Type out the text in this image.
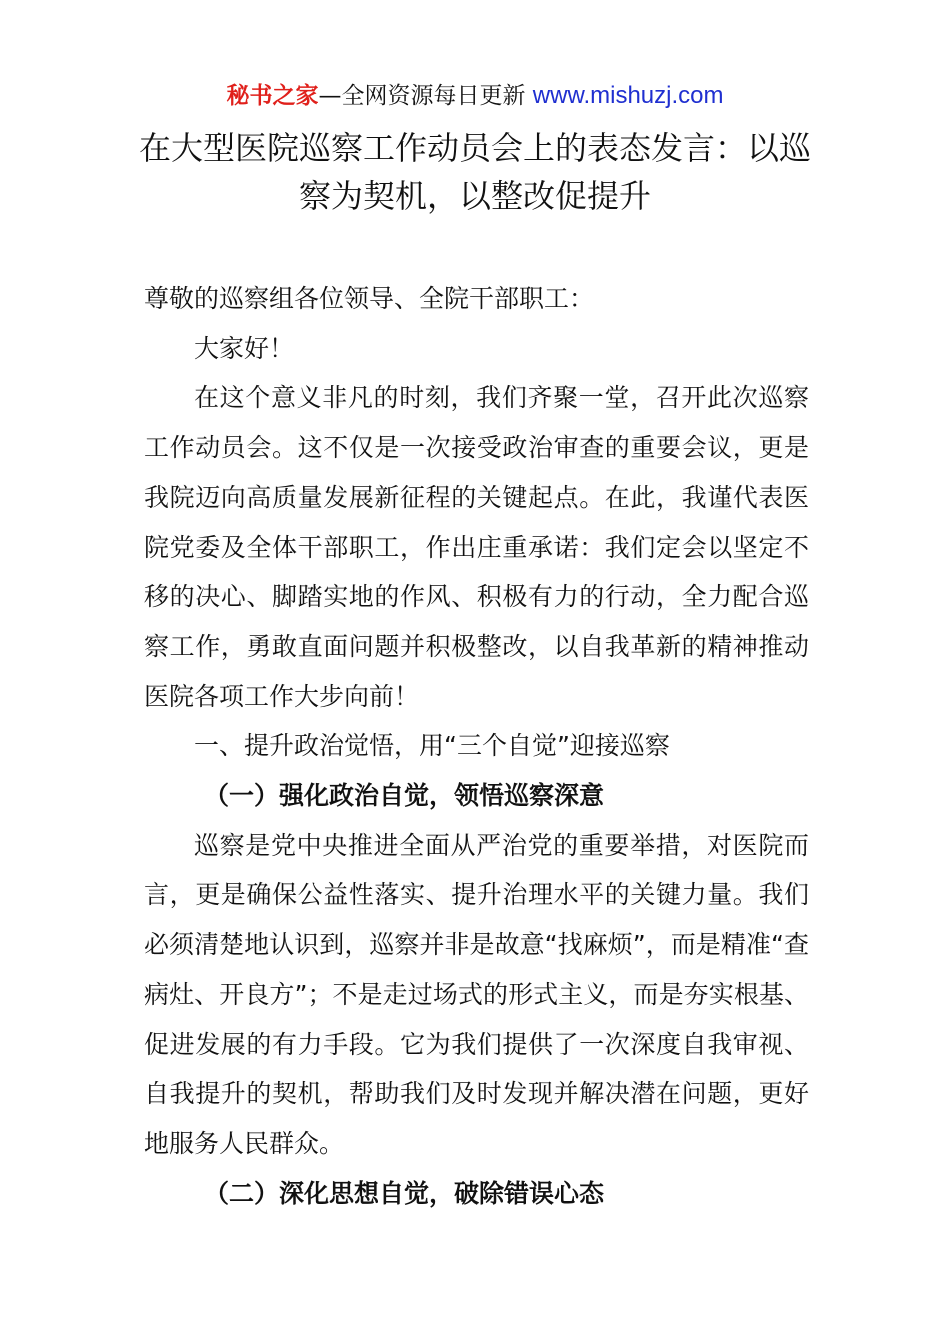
秘书之家—全网资源每日更新 www.mishuzj.com
在大型医院巡察工作动员会上的表态发言：以巡察为契机，以整改促提升

尊敬的巡察组各位领导、全院干部职工：

大家好！

在这个意义非凡的时刻，我们齐聚一堂，召开此次巡察工作动员会。这不仅是一次接受政治审查的重要会议，更是我院迈向高质量发展新征程的关键起点。在此，我谨代表医院党委及全体干部职工，作出庄重承诺：我们定会以坚定不移的决心、脚踏实地的作风、积极有力的行动，全力配合巡察工作，勇敢直面问题并积极整改，以自我革新的精神推动医院各项工作大步向前！

一、提升政治觉悟，用“三个自觉”迎接巡察

（一）强化政治自觉，领悟巡察深意

巡察是党中央推进全面从严治党的重要举措，对医院而言，更是确保公益性落实、提升治理水平的关键力量。我们必须清楚地认识到，巡察并非是故意“找麻烦”，而是精准“查病灶、开良方”；不是走过场式的形式主义，而是夯实根基、促进发展的有力手段。它为我们提供了一次深度自我审视、自我提升的契机，帮助我们及时发现并解决潜在问题，更好地服务人民群众。

（二）深化思想自觉，破除错误心态
